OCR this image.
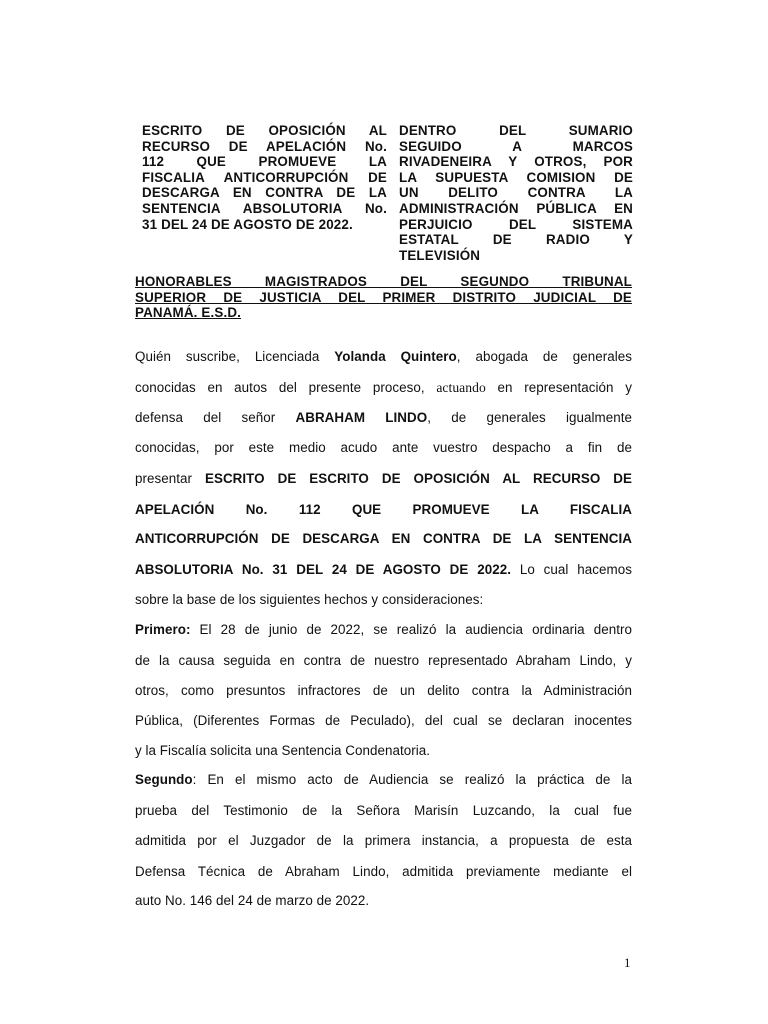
ESCRITO DE OPOSICIÓN AL
RECURSO DE APELACIÓN No.
112 QUE PROMUEVE LA
FISCALIA ANTICORRUPCIÓN DE
DESCARGA EN CONTRA DE LA
SENTENCIA ABSOLUTORIA No.
31 DEL 24 DE AGOSTO DE 2022.
DENTRO DEL SUMARIO
SEGUIDO A MARCOS
RIVADENEIRA Y OTROS, POR
LA SUPUESTA COMISION DE
UN DELITO CONTRA LA
ADMINISTRACIÓN PÚBLICA EN
PERJUICIO DEL SISTEMA
ESTATAL DE RADIO Y
TELEVISIÓN
HONORABLES MAGISTRADOS DEL SEGUNDO TRIBUNAL
SUPERIOR DE JUSTICIA DEL PRIMER DISTRITO JUDICIAL DE
PANAMÁ. E.S.D.
Quién suscribe, Licenciada Yolanda Quintero, abogada de generales
conocidas en autos del presente proceso, actuando en representación y
defensa del señor ABRAHAM LINDO, de generales igualmente
conocidas, por este medio acudo ante vuestro despacho a fin de
presentar ESCRITO DE ESCRITO DE OPOSICIÓN AL RECURSO DE
APELACIÓN No. 112 QUE PROMUEVE LA FISCALIA
ANTICORRUPCIÓN DE DESCARGA EN CONTRA DE LA SENTENCIA
ABSOLUTORIA No. 31 DEL 24 DE AGOSTO DE 2022. Lo cual hacemos
sobre la base de los siguientes hechos y consideraciones:
Primero: El 28 de junio de 2022, se realizó la audiencia ordinaria dentro
de la causa seguida en contra de nuestro representado Abraham Lindo, y
otros, como presuntos infractores de un delito contra la Administración
Pública, (Diferentes Formas de Peculado), del cual se declaran inocentes
y la Fiscalía solicita una Sentencia Condenatoria.
Segundo: En el mismo acto de Audiencia se realizó la práctica de la
prueba del Testimonio de la Señora Marisín Luzcando, la cual fue
admitida por el Juzgador de la primera instancia, a propuesta de esta
Defensa Técnica de Abraham Lindo, admitida previamente mediante el
auto No. 146 del 24 de marzo de 2022.
1
